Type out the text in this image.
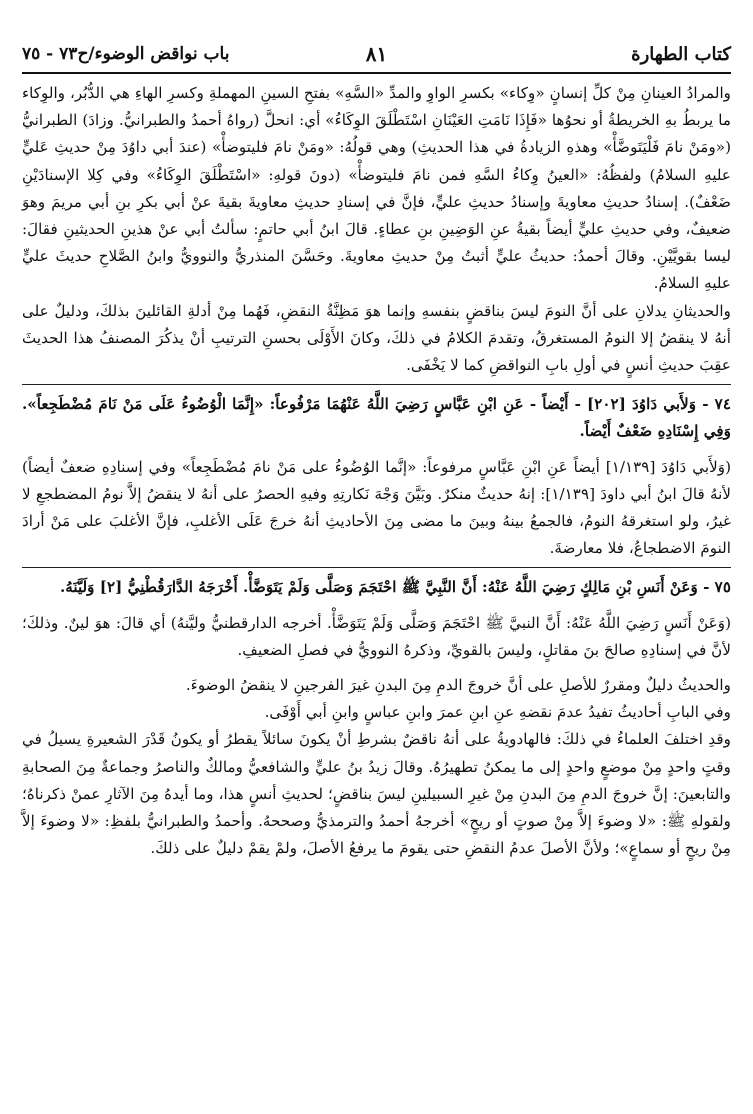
كتاب الطهارة
٨١
باب نواقض الوضوء/ح٧٣ - ٧٥

والمرادُ العينانِ مِنْ كلِّ إنسانٍ «وِكاء» بكسرِ الواوِ والمدِّ «السَّهِ» بفتحِ السينِ المهملةِ وكسرِ الهاءِ هي الدُّبُر، والوِكاء ما يربطُ بهِ الخريطةُ أو نحوُها «فَإِذَا نَامَتِ العَيْنَانِ اسْتَطْلَقَ الوِكَاءُ» أي: انحلَّ (رواهُ أحمدُ والطبرانيُّ. وزادَ) الطبرانيُّ («ومَنْ نامَ فَلْيَتَوضَّأْ» وهذهِ الزيادةُ في هذا الحديثِ) وهي قولُهُ: «ومَنْ نامَ فليتوضأْ» (عندَ أبي داوُدَ مِنْ حديثِ عَليٍّ عليهِ السلامُ) ولفظُهُ: «العينُ وِكاءُ السَّهِ فمن نامَ فليتوضأْ» (دونَ قولهِ: «اسْتَطْلَقَ الوِكَاءُ» وفي كِلا الإسنادَيْنِ ضَعْفٌ). إسنادُ حديثِ معاويةَ وإسنادُ حديثِ عليٍّ، فإنَّ في إسنادِ حديثِ معاويةَ بقيةَ عنْ أبي بكرِ بنِ أبي مريمَ وهوَ ضعيفٌ، وفي حديثِ عليٍّ أيضاً بقيةُ عنِ الوَضِينِ بنِ عطاءٍ. قالَ ابنُ أبي حاتمٍ: سألتُ أبي عنْ هذينِ الحديثينِ فقالَ: ليسا بقويَّيْنِ. وقالَ أحمدُ: حديثُ عليٍّ أثبتُ مِنْ حديثِ معاويةَ. وحَسَّنَ المنذريُّ والنوويُّ وابنُ الصَّلاحِ حديثَ عليٍّ عليهِ السلامُ.

والحديثانِ يدلانِ على أنَّ النومَ ليسَ بناقضٍ بنفسهِ وإنما هوَ مَظِنَّةُ النقضِ، فَهُما مِنْ أدلةِ القائلينَ بذلكَ، ودليلٌ على أنهُ لا ينقضُ إلا النومُ المستغرقُ، وتقدمَ الكلامُ في ذلكَ، وكانَ الأَوْلَى بحسنِ الترتيبِ أنْ يذكُرَ المصنفُ هذا الحديثَ عقِبَ حديثِ أنسٍ في أولِ بابِ النواقضِ كما لا يَخْفَى.

٧٤ - وَلأَبي دَاوُدَ [٢٠٢] - أَيْضاً - عَنِ ابْنِ عَبَّاسٍ رَضِيَ اللَّهُ عَنْهُمَا مَرْفُوعاً: «إِنَّمَا الْوُضُوءُ عَلَى مَنْ نَامَ مُضْطَجِعاً». وَفِي إِسْنَادِهِ ضَعْفٌ أَيْضاً.

(وَلأَبي دَاوُدَ [١/١٣٩] أيضاً عَنِ ابْنِ عَبَّاسٍ مرفوعاً: «إنَّما الوُضُوءُ على مَنْ نامَ مُضْطَجِعاً» وفي إسنادِهِ ضعفٌ أيضاً) لأنهُ قالَ ابنُ أبي داودَ [١/١٣٩]: إنهُ حديثٌ منكرٌ. وبَيَّنَ وَجْهَ نَكارتِهِ وفيهِ الحصرُ على أنهُ لا ينقضُ إلاَّ نومُ المضطجعِ لا غيرُ، ولو استغرقهُ النومُ، فالجمعُ بينهُ وبينَ ما مضى مِنَ الأحاديثِ أنهُ خرجَ عَلَى الأغلبِ، فإنَّ الأغلبَ على مَنْ أرادَ النومَ الاضطجاعُ، فلا معارضةَ.

٧٥ - وَعَنْ أَنَسِ بْنِ مَالِكٍ رَضِيَ اللَّهُ عَنْهُ: أَنَّ النَّبِيَّ ﷺ احْتَجَمَ وَصَلَّى وَلَمْ يَتَوَضَّأْ. أَخْرَجَهُ الدَّارَقُطْنِيُّ [٢] وَلَيَّنَهُ.

(وَعَنْ أَنَسٍ رَضِيَ اللَّهُ عَنْهُ: أَنَّ النبيَّ ﷺ احْتَجَمَ وَصَلَّى وَلَمْ يَتَوَضَّأْ. أخرجه الدارقطنيُّ وليَّنهُ) أي قالَ: هوَ لينٌ. وذلكَ؛ لأنَّ في إسنادِهِ صالحَ بنَ مقاتلٍ، وليسَ بالقويِّ، وذكرهُ النوويُّ في فصلِ الضعيفِ.

والحديثُ دليلٌ ومقررٌ للأصلِ على أنَّ خروجَ الدمِ مِنَ البدنِ غيرَ الفرجينِ لا ينقضُ الوضوءَ.

وفي البابِ أحاديثُ تفيدُ عدمَ نقضهِ عنِ ابنِ عمرَ وابنِ عباسٍ وابنِ أبي أَوْفَى.

وقدِ اختلفَ العلماءُ في ذلكَ: فالهادويةُ على أنهُ ناقضٌ بشرطِ أنْ يكونَ سائلاً يقطرُ أو يكونُ قَدْرَ الشعيرةِ يسيلُ في وقتٍ واحدٍ مِنْ موضعٍ واحدٍ إلى ما يمكنُ تطهيرُهُ. وقالَ زيدُ بنُ عليٍّ والشافعيُّ ومالكٌ والناصرُ وجماعةٌ مِنَ الصحابةِ والتابعينَ: إنَّ خروجَ الدمِ مِنَ البدنِ مِنْ غيرِ السبيلينِ ليسَ بناقضٍ؛ لحديثِ أنسٍ هذا، وما أيدهُ مِنَ الآثارِ عمنْ ذكرناهُ؛ ولقولهِ ﷺ: «لا وضوءَ إلاَّ مِنْ صوتٍ أو ريحٍ» أخرجهُ أحمدُ والترمذيُّ وصححهُ. وأحمدُ والطبرانيُّ بلفظِ: «لا وضوءَ إلاَّ مِنْ ريحٍ أو سماعٍ»؛ ولأنَّ الأصلَ عدمُ النقضِ حتى يقومَ ما يرفعُ الأصلَ، ولمْ يقمْ دليلٌ على ذلكَ.
